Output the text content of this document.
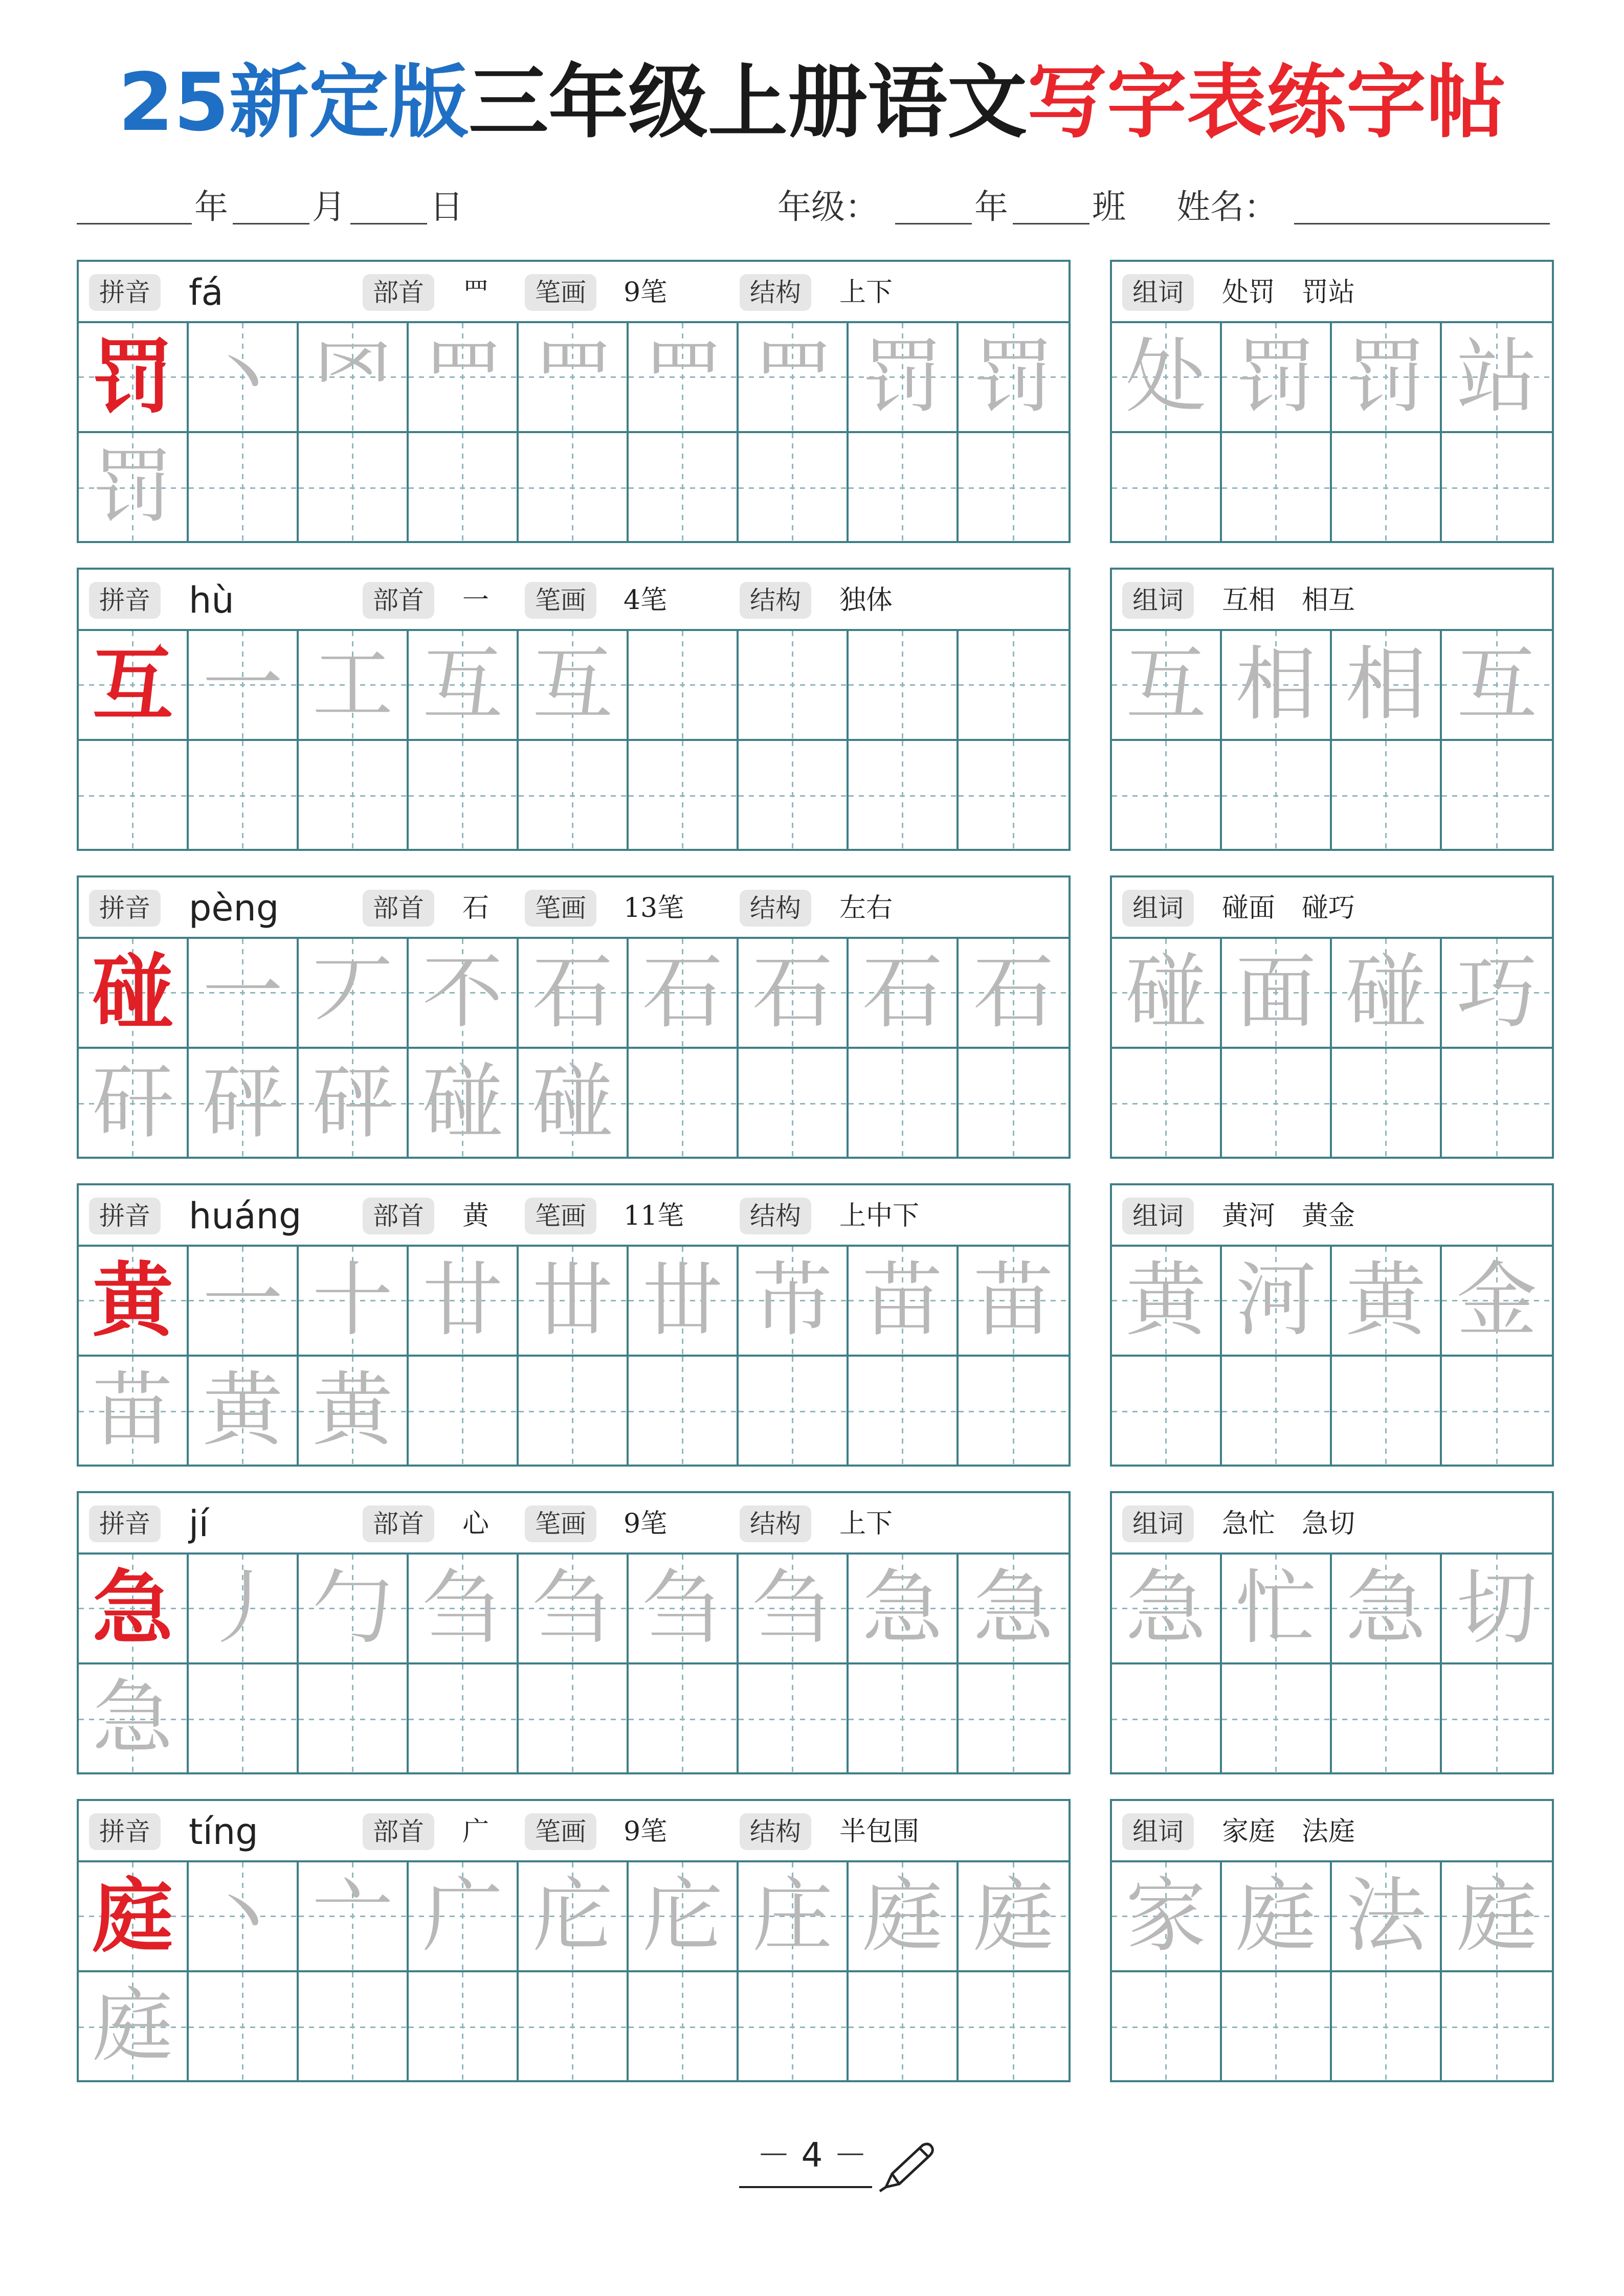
25新定版三年级上册语文写字表练字帖
年 月 日	年级：	年 班 姓名：
拼音 fá	部首	罒	笔画	9笔	结构	上下
罚 丶 罓 罒 罒 罒 罒 罚 罚
罚
组词	处罚　罚站
处 罚 罚 站
拼音 hù	部首	一	笔画	4笔	结构	独体
互 一 工 互 互
组词	互相　相互
互 相 相 互
拼音 pèng	部首	石	笔画	13笔	结构	左右
碰 一 丆 不 石 石 石 石 石
矸 砰 砰 碰 碰
组词	碰面　碰巧
碰 面 碰 巧
拼音 huáng	部首	黄	笔画	11笔	结构	上中下
黄 一 十 廿 丗 丗 芇 苗 苗
苗 黄 黄
组词	黄河　黄金
黄 河 黄 金
拼音 jí	部首	心	笔画	9笔	结构	上下
急 丿 勹 刍 刍 刍 刍 急 急
急
组词	急忙　急切
急 忙 急 切
拼音 tíng	部首	广	笔画	9笔	结构	半包围
庭 丶 亠 广 庀 庀 庄 庭 庭
庭
组词	家庭　法庭
家 庭 法 庭
－ 4 －
